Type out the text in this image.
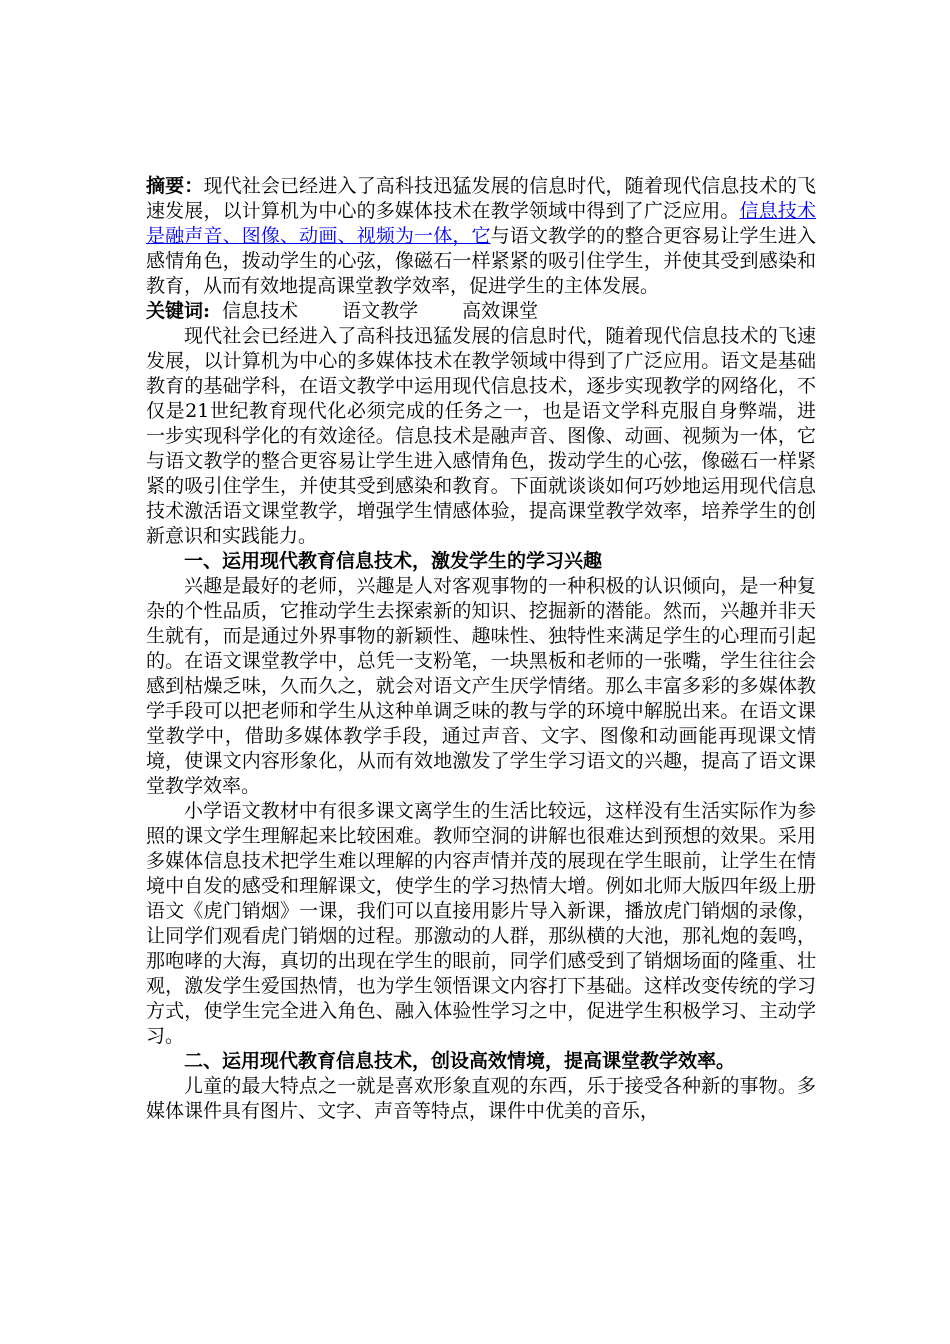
摘要：现代社会已经进入了高科技迅猛发展的信息时代，随着现代信息技术的飞速发展，以计算机为中心的多媒体技术在教学领域中得到了广泛应用。信息技术是融声音、图像、动画、视频为一体，它与语文教学的的整合更容易让学生进入感情角色，拨动学生的心弦，像磁石一样紧紧的吸引住学生，并使其受到感染和教育，从而有效地提高课堂教学效率，促进学生的主体发展。

关键词: 信息技术 语文教学 高效课堂

现代社会已经进入了高科技迅猛发展的信息时代，随着现代信息技术的飞速发展，以计算机为中心的多媒体技术在教学领域中得到了广泛应用。语文是基础教育的基础学科，在语文教学中运用现代信息技术，逐步实现教学的网络化，不仅是21世纪教育现代化必须完成的任务之一，也是语文学科克服自身弊端，进一步实现科学化的有效途径。信息技术是融声音、图像、动画、视频为一体，它与语文教学的整合更容易让学生进入感情角色，拨动学生的心弦，像磁石一样紧紧的吸引住学生，并使其受到感染和教育。下面就谈谈如何巧妙地运用现代信息技术激活语文课堂教学，增强学生情感体验，提高课堂教学效率，培养学生的创新意识和实践能力。

一、运用现代教育信息技术，激发学生的学习兴趣

兴趣是最好的老师，兴趣是人对客观事物的一种积极的认识倾向，是一种复杂的个性品质，它推动学生去探索新的知识、挖掘新的潜能。然而，兴趣并非天生就有，而是通过外界事物的新颖性、趣味性、独特性来满足学生的心理而引起的。在语文课堂教学中，总凭一支粉笔，一块黑板和老师的一张嘴，学生往往会感到枯燥乏味，久而久之，就会对语文产生厌学情绪。那么丰富多彩的多媒体教学手段可以把老师和学生从这种单调乏味的教与学的环境中解脱出来。在语文课堂教学中，借助多媒体教学手段，通过声音、文字、图像和动画能再现课文情境，使课文内容形象化，从而有效地激发了学生学习语文的兴趣，提高了语文课堂教学效率。

小学语文教材中有很多课文离学生的生活比较远，这样没有生活实际作为参照的课文学生理解起来比较困难。教师空洞的讲解也很难达到预想的效果。采用多媒体信息技术把学生难以理解的内容声情并茂的展现在学生眼前，让学生在情境中自发的感受和理解课文，使学生的学习热情大增。例如北师大版四年级上册语文《虎门销烟》一课，我们可以直接用影片导入新课，播放虎门销烟的录像，让同学们观看虎门销烟的过程。那激动的人群，那纵横的大池，那礼炮的轰鸣，那咆哮的大海，真切的出现在学生的眼前，同学们感受到了销烟场面的隆重、壮观，激发学生爱国热情，也为学生领悟课文内容打下基础。这样改变传统的学习方式，使学生完全进入角色、融入体验性学习之中，促进学生积极学习、主动学习。

二、运用现代教育信息技术，创设高效情境，提高课堂教学效率。

儿童的最大特点之一就是喜欢形象直观的东西，乐于接受各种新的事物。多媒体课件具有图片、文字、声音等特点，课件中优美的音乐，
